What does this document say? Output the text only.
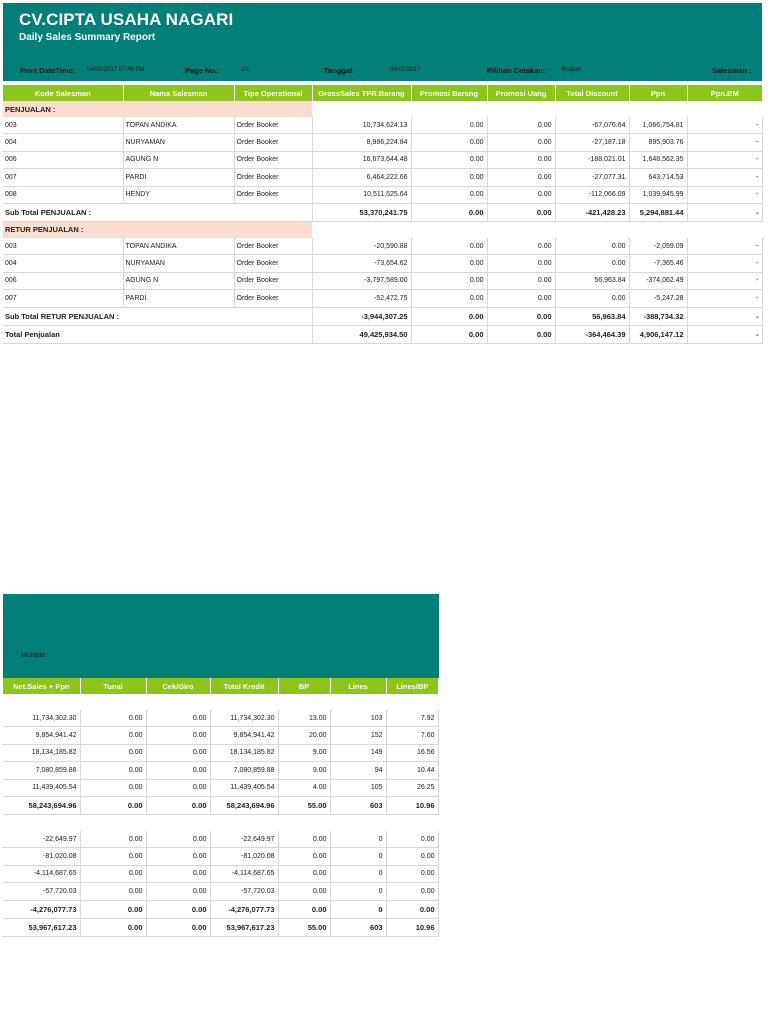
CV.CIPTA USAHA NAGARI
Daily Sales Summary Report
Print DateTime: 04/01/2017 07:46 PM	Page No.:	1/1	Tanggal:	04/01/2017	Pilihan Cetakan:	Rupiah	Salesman :
Kode Salesman	Nama Salesman	Tipe Operational	GrossSales TPR.Barang	Promosi Barang	Promosi Uang	Total Discount	Ppn	Ppn.BM
PENJUALAN :								
003	TOPAN ANDIKA	Order Booker	10,734,624.13	0.00	0.00	-67,076.64	1,066,754.81	-
004	NURYAMAN	Order Booker	8,986,224.84	0.00	0.00	-27,187.18	895,903.76	-
006	AGUNG N	Order Booker	16,673,644.48	0.00	0.00	-188,021.01	1,648,562.35	-
007	PARDI	Order Booker	6,464,222.66	0.00	0.00	-27,077.31	643,714.53	-
008	HENDY	Order Booker	10,511,525.64	0.00	0.00	-112,066.09	1,039,945.99	-
Sub Total PENJUALAN :			53,370,241.75	0.00	0.00	-421,428.23	5,294,881.44	-
RETUR PENJUALAN :								
003	TOPAN ANDIKA	Order Booker	-20,590.88	0.00	0.00	0.00	-2,059.09	-
004	NURYAMAN	Order Booker	-73,654.62	0.00	0.00	0.00	-7,365.46	-
006	AGUNG N	Order Booker	-3,797,589.00	0.00	0.00	56,963.84	-374,062.49	-
007	PARDI	Order Booker	-52,472.75	0.00	0.00	0.00	-5,247.28	-
Sub Total RETUR PENJUALAN :			-3,944,307.25	0.00	0.00	56,963.84	-388,734.32	-
Total Penjualan			49,425,934.50	0.00	0.00	-364,464.39	4,906,147.12	-
Multiple
Net.Sales + Ppn	Tunai	Cek/Giro	Total Kredit	BP	Lines	Lines/BP

11,734,302.30	0.00	0.00	11,734,302.30	13.00	103	7.92
9,854,941.42	0.00	0.00	9,854,941.42	20.00	152	7.60
18,134,185.82	0.00	0.00	18,134,185.82	9.00	149	16.56
7,080,859.88	0.00	0.00	7,080,859.88	9.00	94	10.44
11,439,405.54	0.00	0.00	11,439,405.54	4.00	105	26.25
58,243,694.96	0.00	0.00	58,243,694.96	55.00	603	10.96

-22,649.97	0.00	0.00	-22,649.97	0.00	0	0.00
-81,020.08	0.00	0.00	-81,020.08	0.00	0	0.00
-4,114,687.65	0.00	0.00	-4,114,687.65	0.00	0	0.00
-57,720.03	0.00	0.00	-57,720.03	0.00	0	0.00
-4,276,077.73	0.00	0.00	-4,276,077.73	0.00	0	0.00
53,967,617.23	0.00	0.00	53,967,617.23	55.00	603	10.96
